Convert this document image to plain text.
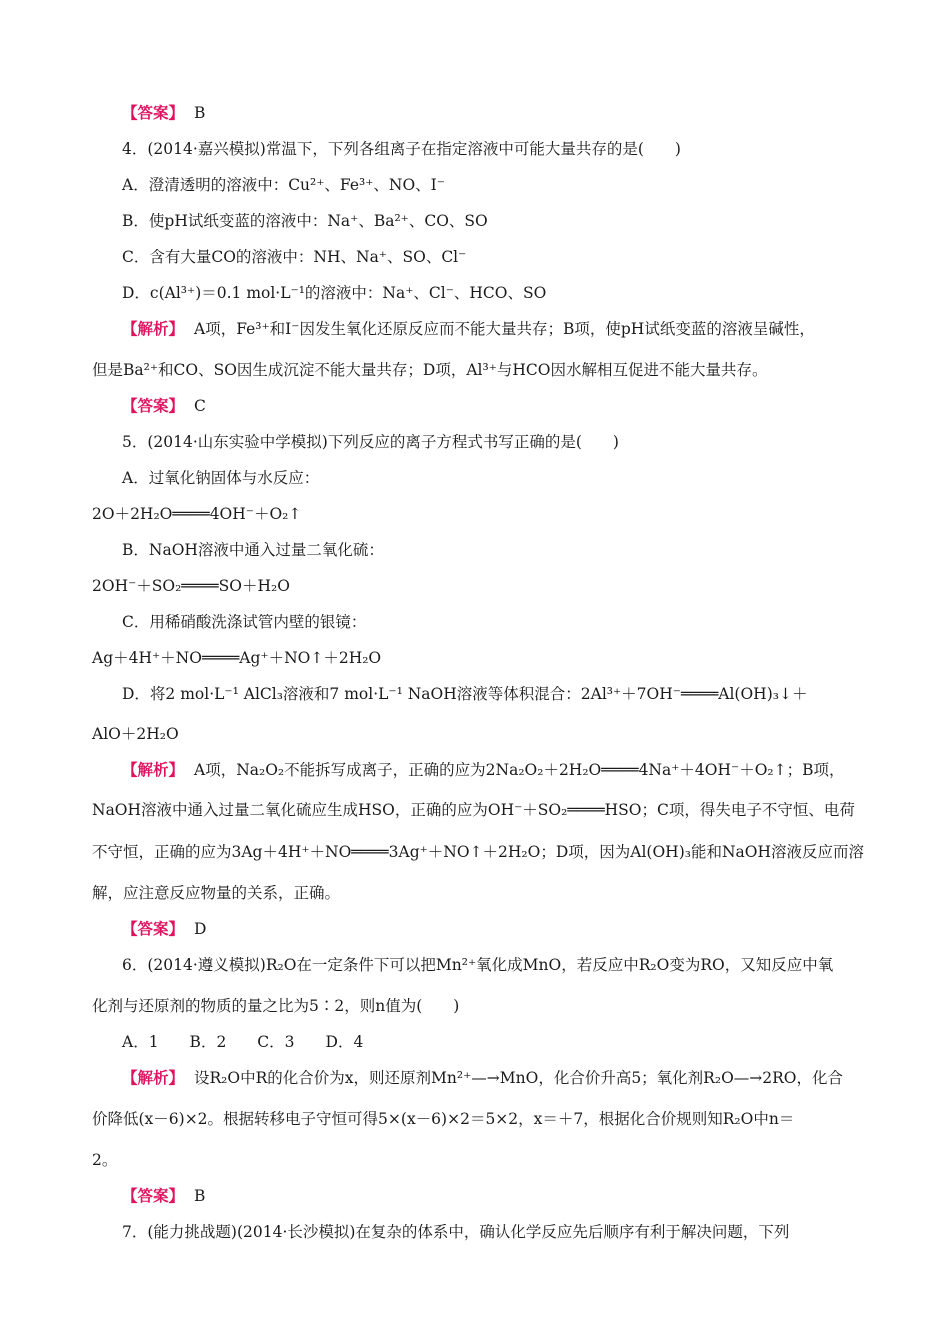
【答案】 B
4．(2014·嘉兴模拟)常温下，下列各组离子在指定溶液中可能大量共存的是(　　)
A．澄清透明的溶液中：Cu²⁺、Fe³⁺、NO、I⁻
B．使pH试纸变蓝的溶液中：Na⁺、Ba²⁺、CO、SO
C．含有大量CO的溶液中：NH、Na⁺、SO、Cl⁻
D．c(Al³⁺)＝0.1 mol·L⁻¹的溶液中：Na⁺、Cl⁻、HCO、SO
【解析】 A项，Fe³⁺和I⁻因发生氧化还原反应而不能大量共存；B项，使pH试纸变蓝的溶液呈碱性，
但是Ba²⁺和CO、SO因生成沉淀不能大量共存；D项，Al³⁺与HCO因水解相互促进不能大量共存。
【答案】 C
5．(2014·山东实验中学模拟)下列反应的离子方程式书写正确的是(　　)
A．过氧化钠固体与水反应：
2O＋2H₂O════4OH⁻＋O₂↑
B．NaOH溶液中通入过量二氧化硫：
2OH⁻＋SO₂════SO＋H₂O
C．用稀硝酸洗涤试管内壁的银镜：
Ag＋4H⁺＋NO════Ag⁺＋NO↑＋2H₂O
D．将2 mol·L⁻¹ AlCl₃溶液和7 mol·L⁻¹ NaOH溶液等体积混合：2Al³⁺＋7OH⁻════Al(OH)₃↓＋
AlO＋2H₂O
【解析】 A项，Na₂O₂不能拆写成离子，正确的应为2Na₂O₂＋2H₂O════4Na⁺＋4OH⁻＋O₂↑；B项，
NaOH溶液中通入过量二氧化硫应生成HSO，正确的应为OH⁻＋SO₂════HSO；C项，得失电子不守恒、电荷
不守恒，正确的应为3Ag＋4H⁺＋NO════3Ag⁺＋NO↑＋2H₂O；D项，因为Al(OH)₃能和NaOH溶液反应而溶
解，应注意反应物量的关系，正确。
【答案】 D
6．(2014·遵义模拟)R₂O在一定条件下可以把Mn²⁺氧化成MnO，若反应中R₂O变为RO，又知反应中氧
化剂与还原剂的物质的量之比为5∶2，则n值为(　　)
A．1　　B．2　　C．3　　D．4
【解析】 设R₂O中R的化合价为x，则还原剂Mn²⁺—→MnO，化合价升高5；氧化剂R₂O—→2RO，化合
价降低(x－6)×2。根据转移电子守恒可得5×(x－6)×2＝5×2，x＝＋7，根据化合价规则知R₂O中n＝
2。
【答案】 B
7．(能力挑战题)(2014·长沙模拟)在复杂的体系中，确认化学反应先后顺序有利于解决问题，下列
